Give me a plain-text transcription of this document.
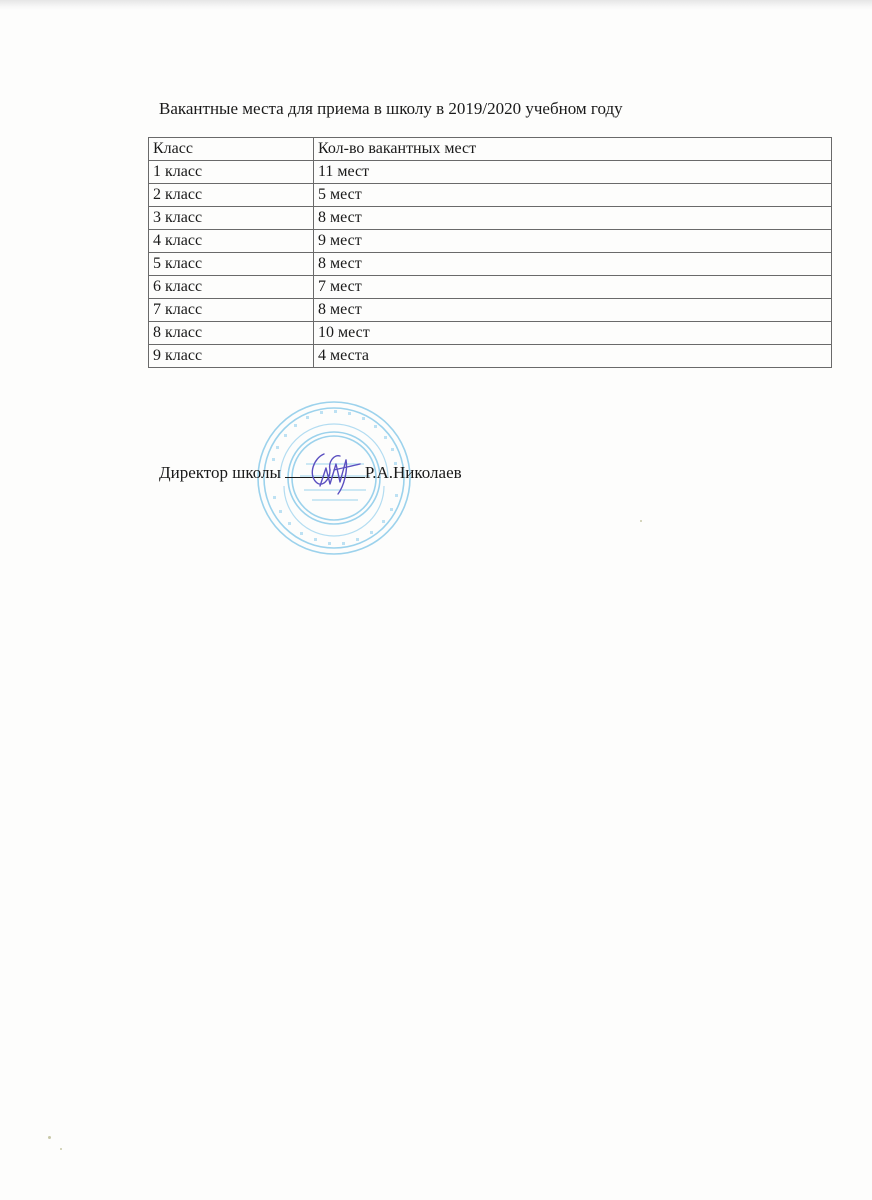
Вакантные места для приема в школу в 2019/2020 учебном году
Класс	Кол-во вакантных мест
1 класс	11 мест
2 класс	5 мест
3 класс	8 мест
4 класс	9 мест
5 класс	8 мест
6 класс	7 мест
7 класс	8 мест
8 класс	10 мест
9 класс	4 места
Директор школы	Р.А.Николаев
